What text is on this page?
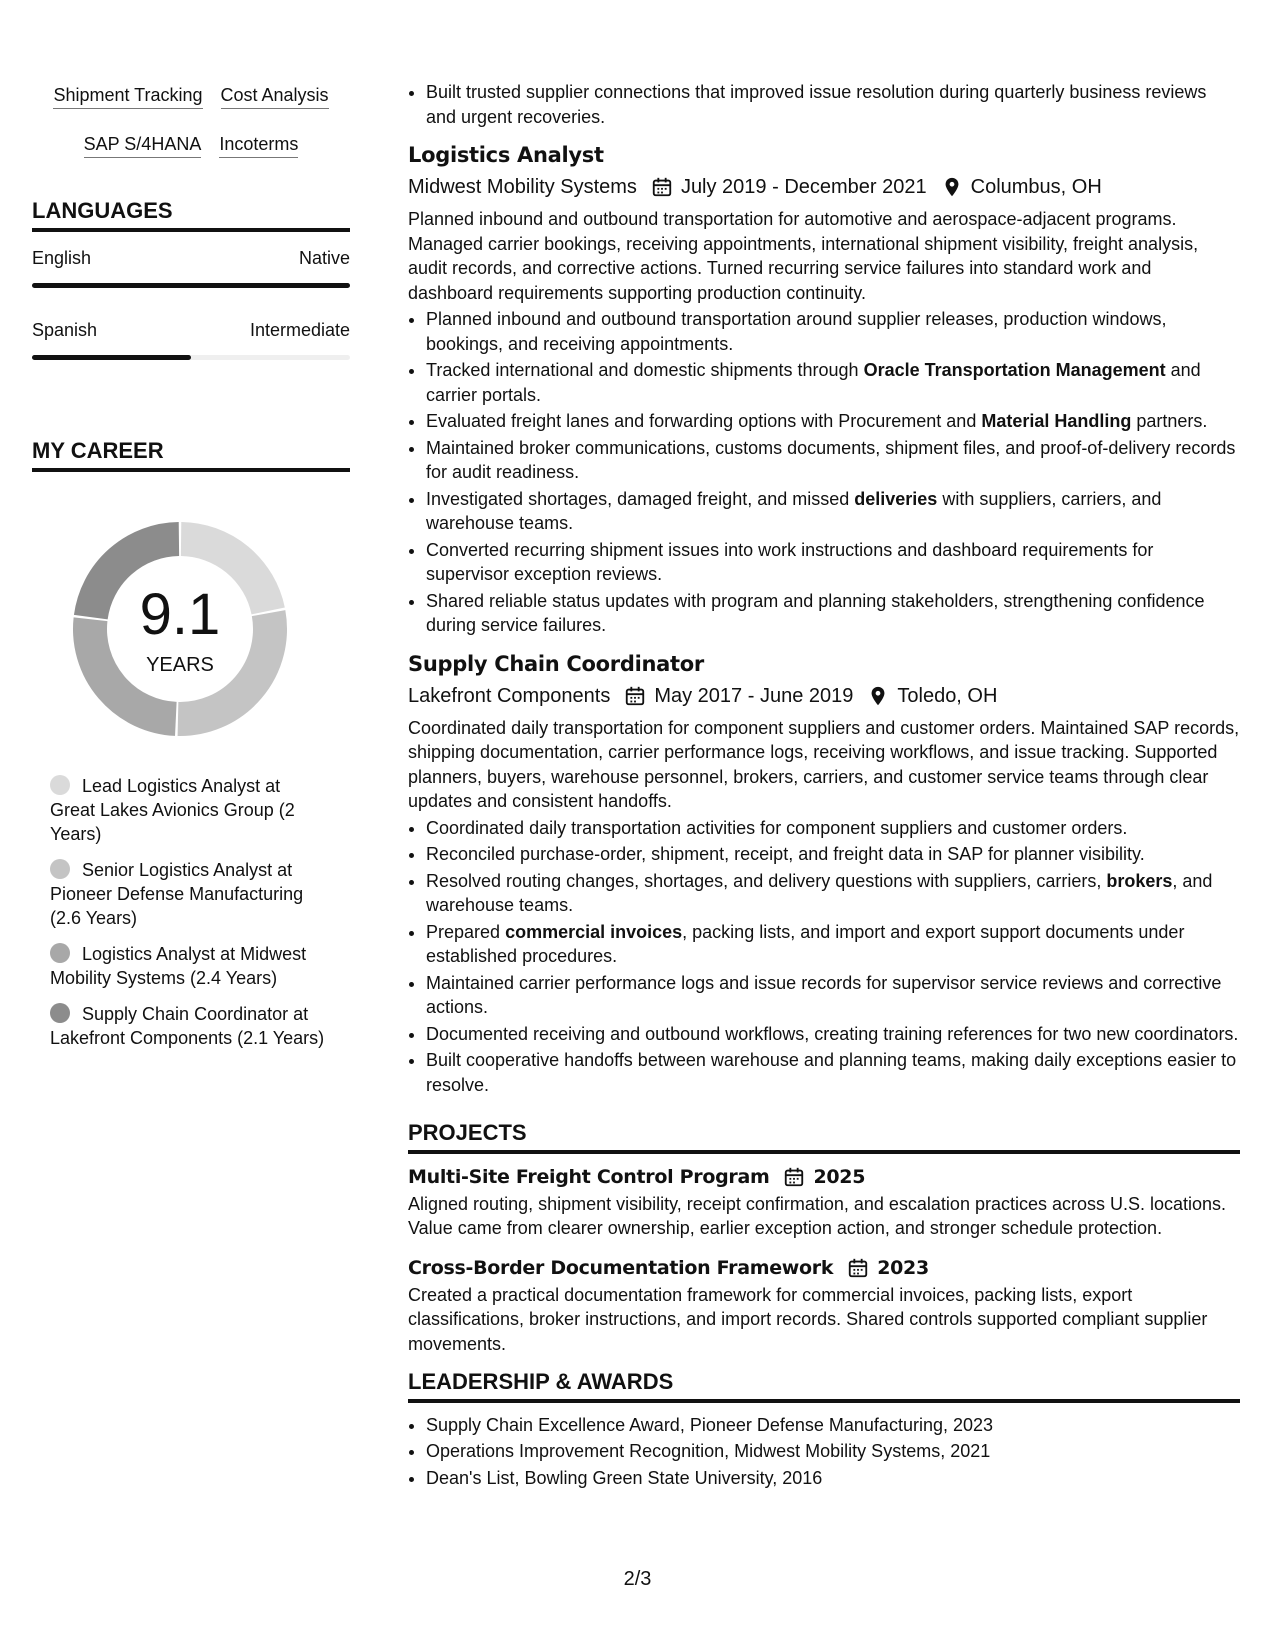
Shipment Tracking Cost Analysis
SAP S/4HANA Incoterms
LANGUAGES
English	Native
Spanish	Intermediate
MY CAREER
9.1
YEARS
Lead Logistics Analyst at Great Lakes Avionics Group (2 Years)
Senior Logistics Analyst at Pioneer Defense Manufacturing (2.6 Years)
Logistics Analyst at Midwest Mobility Systems (2.4 Years)
Supply Chain Coordinator at Lakefront Components (2.1 Years)
• Built trusted supplier connections that improved issue resolution during quarterly business reviews and urgent recoveries.
Logistics Analyst
Midwest Mobility Systems July 2019 - December 2021 Columbus, OH
Planned inbound and outbound transportation for automotive and aerospace-adjacent programs. Managed carrier bookings, receiving appointments, international shipment visibility, freight analysis, audit records, and corrective actions. Turned recurring service failures into standard work and dashboard requirements supporting production continuity.
• Planned inbound and outbound transportation around supplier releases, production windows, bookings, and receiving appointments.
• Tracked international and domestic shipments through Oracle Transportation Management and carrier portals.
• Evaluated freight lanes and forwarding options with Procurement and Material Handling partners.
• Maintained broker communications, customs documents, shipment files, and proof-of-delivery records for audit readiness.
• Investigated shortages, damaged freight, and missed deliveries with suppliers, carriers, and warehouse teams.
• Converted recurring shipment issues into work instructions and dashboard requirements for supervisor exception reviews.
• Shared reliable status updates with program and planning stakeholders, strengthening confidence during service failures.
Supply Chain Coordinator
Lakefront Components May 2017 - June 2019 Toledo, OH
Coordinated daily transportation for component suppliers and customer orders. Maintained SAP records, shipping documentation, carrier performance logs, receiving workflows, and issue tracking. Supported planners, buyers, warehouse personnel, brokers, carriers, and customer service teams through clear updates and consistent handoffs.
• Coordinated daily transportation activities for component suppliers and customer orders.
• Reconciled purchase-order, shipment, receipt, and freight data in SAP for planner visibility.
• Resolved routing changes, shortages, and delivery questions with suppliers, carriers, brokers, and warehouse teams.
• Prepared commercial invoices, packing lists, and import and export support documents under established procedures.
• Maintained carrier performance logs and issue records for supervisor service reviews and corrective actions.
• Documented receiving and outbound workflows, creating training references for two new coordinators.
• Built cooperative handoffs between warehouse and planning teams, making daily exceptions easier to resolve.
PROJECTS
Multi-Site Freight Control Program 2025
Aligned routing, shipment visibility, receipt confirmation, and escalation practices across U.S. locations. Value came from clearer ownership, earlier exception action, and stronger schedule protection.
Cross-Border Documentation Framework 2023
Created a practical documentation framework for commercial invoices, packing lists, export classifications, broker instructions, and import records. Shared controls supported compliant supplier movements.
LEADERSHIP & AWARDS
• Supply Chain Excellence Award, Pioneer Defense Manufacturing, 2023
• Operations Improvement Recognition, Midwest Mobility Systems, 2021
• Dean's List, Bowling Green State University, 2016
2/3
